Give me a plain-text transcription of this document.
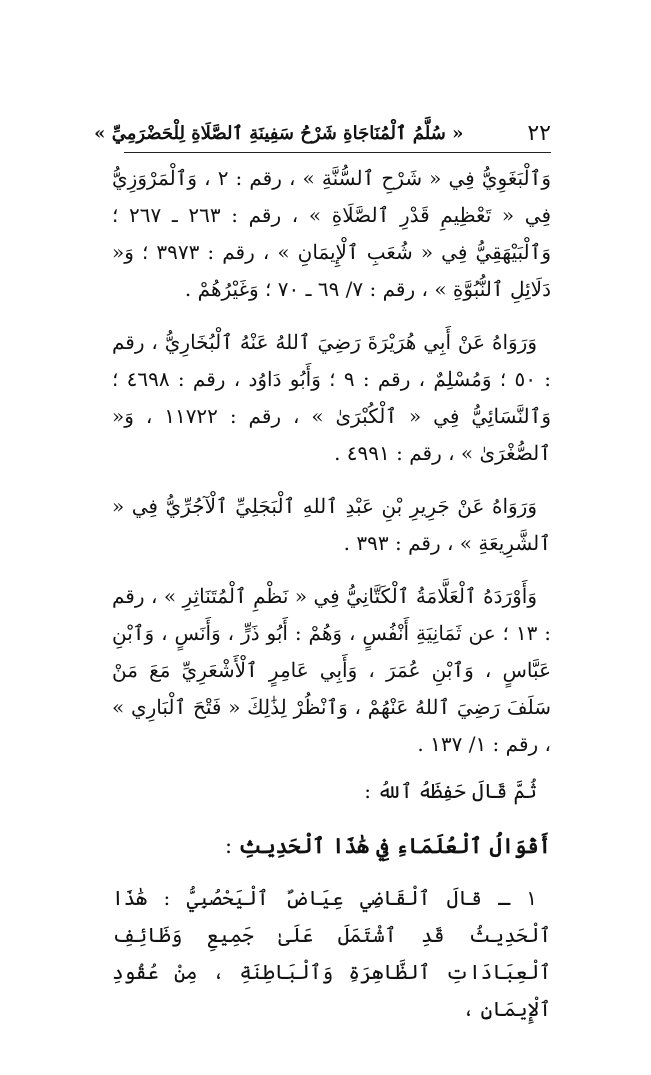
٢٢
« سُلَّمُ ٱلْمُنَاجَاةِ شَرْحُ سَفِينَةِ ٱلصَّلَاةِ لِلْحَضْرَمِيِّ »

وَٱلْبَغَوِيُّ فِي « شَرْحِ ٱلسُّنَّةِ » ، رقم : ٢ ، وَٱلْمَرْوَزِيُّ فِي « تَعْظِيمِ قَدْرِ ٱلصَّلَاةِ » ، رقم : ٢٦٣ ـ ٢٦٧ ؛ وَٱلْبَيْهَقِيُّ فِي « شُعَبِ ٱلْإِيمَانِ » ، رقم : ٣٩٧٣ ؛ وَ« دَلَائِلِ ٱلنُّبُوَّةِ » ، رقم : ٧/ ٦٩ ـ ٧٠ ؛ وَغَيْرُهُمْ .

وَرَوَاهُ عَنْ أَبِي هُرَيْرَةَ رَضِيَ ٱللهُ عَنْهُ ٱلْبُخَارِيُّ ، رقم : ٥٠ ؛ وَمُسْلِمٌ ، رقم : ٩ ؛ وَأَبُو دَاوُد ، رقم : ٤٦٩٨ ؛ وَٱلنَّسَائِيُّ فِي « ٱلْكُبْرَىٰ » ، رقم : ١١٧٢٢ ، وَ« ٱلصُّغْرَىٰ » ، رقم : ٤٩٩١ .

وَرَوَاهُ عَنْ جَرِيرِ بْنِ عَبْدِ ٱللهِ ٱلْبَجَلِيِّ ٱلْآجُرِّيُّ فِي « ٱلشَّرِيعَةِ » ، رقم : ٣٩٣ .

وَأَوْرَدَهُ ٱلْعَلَّامَةُ ٱلْكَتَّانِيُّ فِي « نَظْمِ ٱلْمُتَنَاثِرِ » ، رقم : ١٣ ؛ عن ثَمَانِيَةِ أَنْفُسٍ ، وَهُمْ : أَبُو ذَرٍّ ، وَأَنَسٍ ، وَٱبْنِ عَبَّاسٍ ، وَٱبْنِ عُمَرَ ، وَأَبِي عَامِرٍ ٱلْأَشْعَرِيِّ مَعَ مَنْ سَلَفَ رَضِيَ ٱللهُ عَنْهُمْ ، وَٱنْظُرْ لِذَٰلِكَ « فَتْحَ ٱلْبَارِي » ، رقم : ١/ ١٣٧ .

ثُمَّ قَالَ حَفِظَهُ ٱللهُ :

أَقْوَالُ ٱلْعُلَمَاءِ فِي هَٰذَا ٱلْحَدِيثِ :

١ ـ قالَ ٱلْقَاضِي عِيَاضٌ ٱلْيَحْصُبِيُّ : هَٰذَا ٱلْحَدِيثُ قَدِ ٱشْتَمَلَ عَلَىٰ جَمِيعِ وَظَائِفِ ٱلْعِبَادَاتِ ٱلظَّاهِرَةِ وَٱلْبَاطِنَةِ ، مِنْ عُقُودِ ٱلْإِيمَانِ ،
